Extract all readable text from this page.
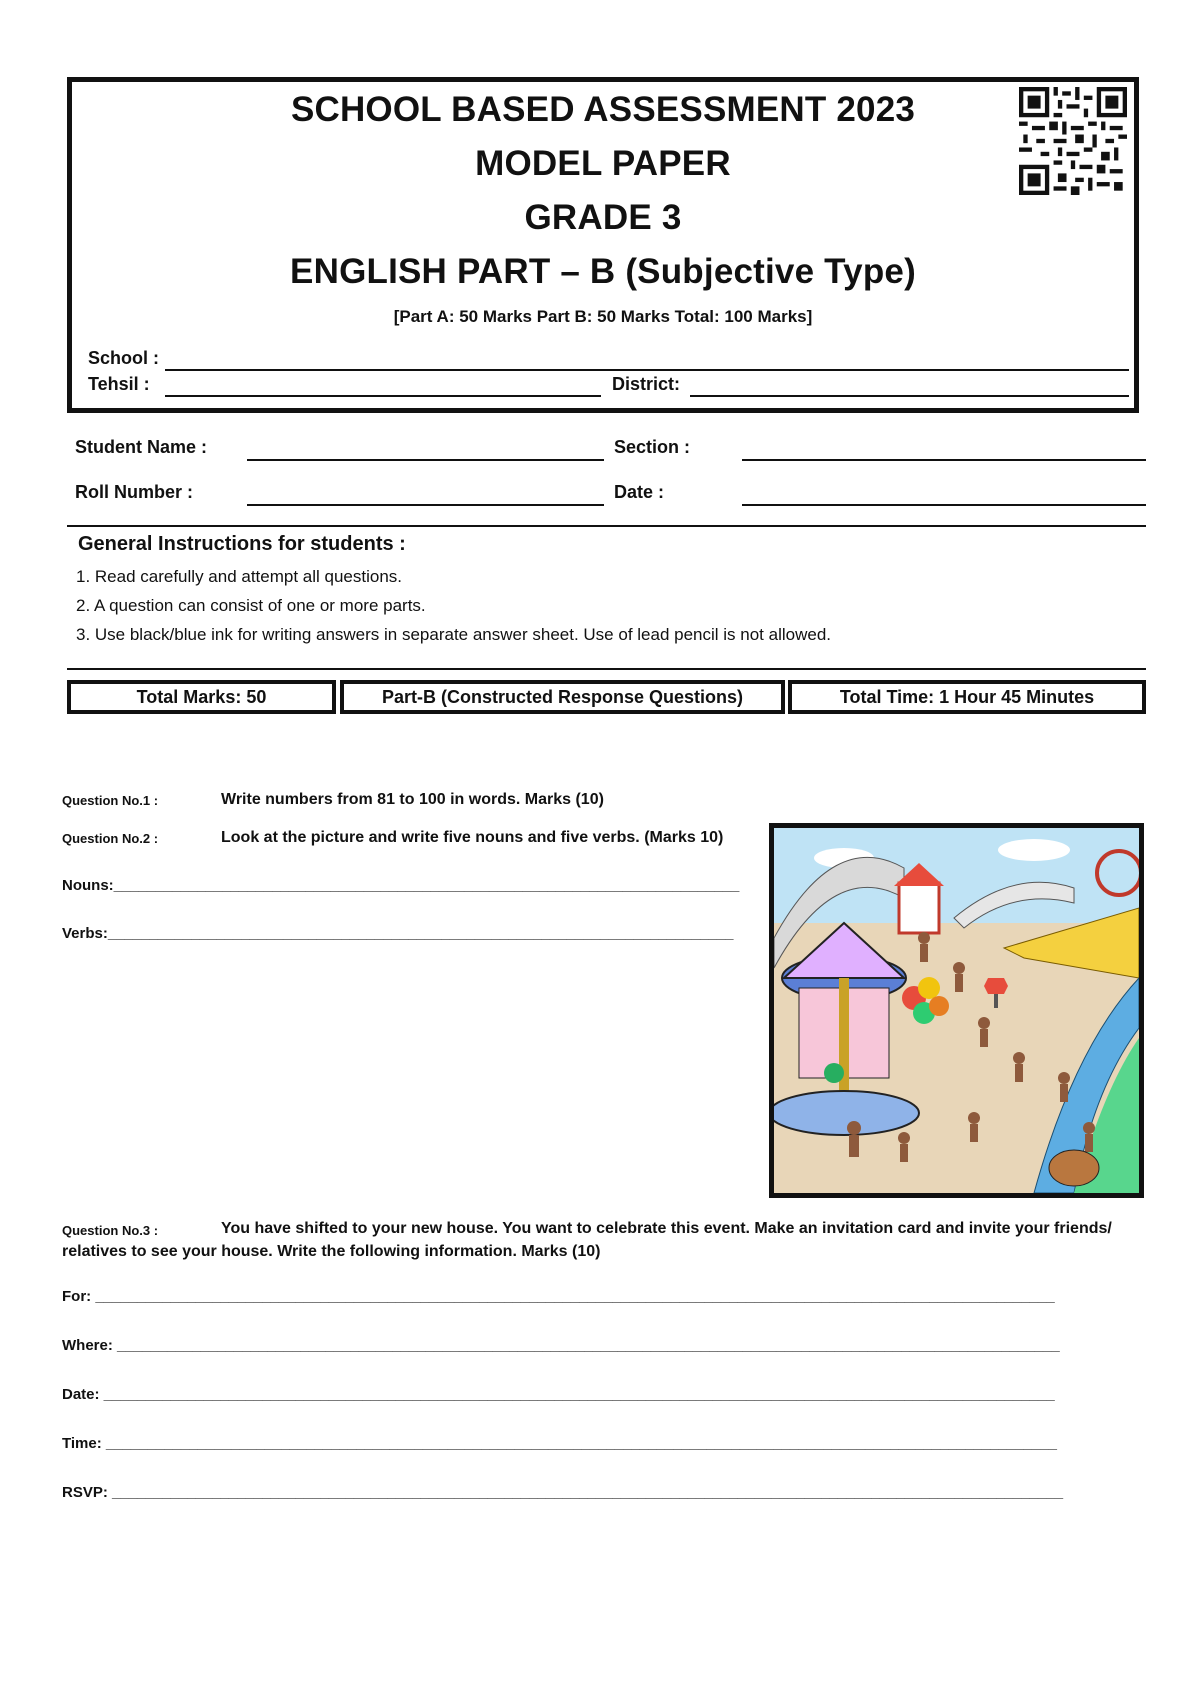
SCHOOL BASED ASSESSMENT 2023
MODEL PAPER
GRADE 3
ENGLISH PART – B (Subjective Type)
[Part A: 50 Marks Part B: 50 Marks Total: 100 Marks]
School :
Tehsil :	District:
Student Name :	Section :
Roll Number :	Date :
General Instructions for students :
1. Read carefully and attempt all questions.
2. A question can consist of one or more parts.
3. Use black/blue ink for writing answers in separate answer sheet. Use of lead pencil is not allowed.
Total Marks: 50	Part-B (Constructed Response Questions)	Total Time: 1 Hour 45 Minutes
Question No.1 :	Write numbers from 81 to 100 in words. Marks (10)
Question No.2 :	Look at the picture and write five nouns and five verbs. (Marks 10)
Nouns:___________________________________________________________________________
Verbs:___________________________________________________________________________
Question No.3 :	You have shifted to your new house. You want to celebrate this event. Make an invitation card and invite your friends/
relatives to see your house. Write the following information. Marks (10)
For: ___________________________________________________________________________________________________________________
Where: _________________________________________________________________________________________________________________
Date: __________________________________________________________________________________________________________________
Time: __________________________________________________________________________________________________________________
RSVP: __________________________________________________________________________________________________________________
